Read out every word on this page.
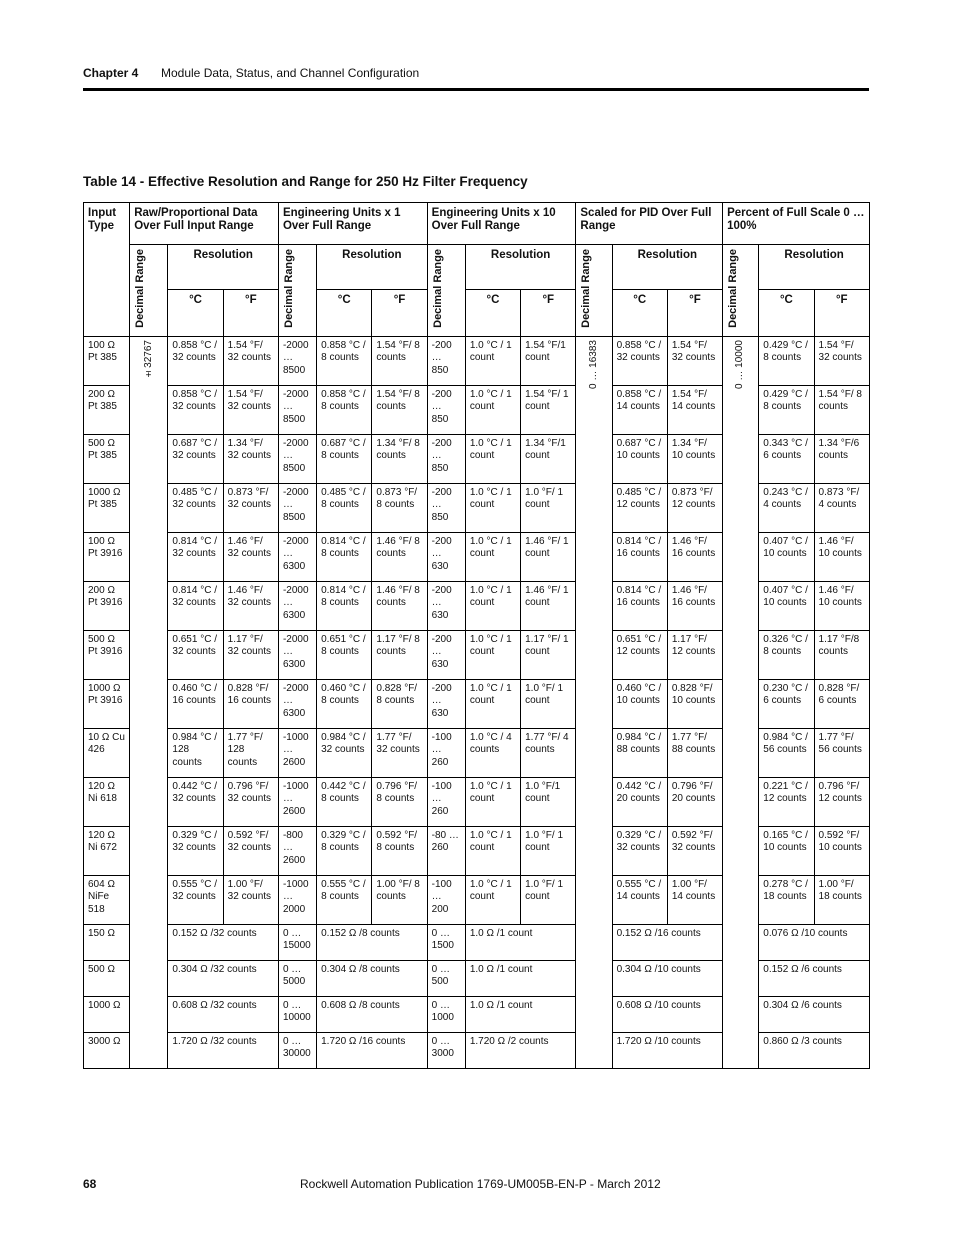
Chapter 4 Module Data, Status, and Channel Configuration
Table 14 - Effective Resolution and Range for 250 Hz Filter Frequency
Input Type	Raw/Proportional Data Over Full Input Range			Engineering Units x 1 Over Full Range			Engineering Units x 10 Over Full Range			Scaled for PID Over Full Range			Percent of Full Scale 0 … 100%		
	Decimal Range	Resolution		Decimal Range	Resolution		Decimal Range	Resolution		Decimal Range	Resolution		Decimal Range	Resolution	
		°C	°F		°C	°F		°C	°F		°C	°F		°C	°F
100 Ω Pt 385	±32767	0.858 °C / 32 counts	1.54 °F/ 32 counts	-2000 … 8500	0.858 °C / 8 counts	1.54 °F/ 8 counts	-200 … 850	1.0 °C / 1 count	1.54 °F/1 count	0 … 16383	0.858 °C / 32 counts	1.54 °F/ 32 counts	0 … 10000	0.429 °C / 8 counts	1.54 °F/ 32 counts
200 Ω Pt 385		0.858 °C / 32 counts	1.54 °F/ 32 counts	-2000 … 8500	0.858 °C / 8 counts	1.54 °F/ 8 counts	-200 … 850	1.0 °C / 1 count	1.54 °F/ 1 count		0.858 °C / 14 counts	1.54 °F/ 14 counts		0.429 °C / 8 counts	1.54 °F/ 8 counts
500 Ω Pt 385		0.687 °C / 32 counts	1.34 °F/ 32 counts	-2000 … 8500	0.687 °C / 8 counts	1.34 °F/ 8 counts	-200 … 850	1.0 °C / 1 count	1.34 °F/1 count		0.687 °C / 10 counts	1.34 °F/ 10 counts		0.343 °C / 6 counts	1.34 °F/6 counts
1000 Ω Pt 385		0.485 °C / 32 counts	0.873 °F/ 32 counts	-2000 … 8500	0.485 °C / 8 counts	0.873 °F/ 8 counts	-200 … 850	1.0 °C / 1 count	1.0 °F/ 1 count		0.485 °C / 12 counts	0.873 °F/ 12 counts		0.243 °C / 4 counts	0.873 °F/ 4 counts
100 Ω Pt 3916		0.814 °C / 32 counts	1.46 °F/ 32 counts	-2000 … 6300	0.814 °C / 8 counts	1.46 °F/ 8 counts	-200 … 630	1.0 °C / 1 count	1.46 °F/ 1 count		0.814 °C / 16 counts	1.46 °F/ 16 counts		0.407 °C / 10 counts	1.46 °F/ 10 counts
200 Ω Pt 3916		0.814 °C / 32 counts	1.46 °F/ 32 counts	-2000 … 6300	0.814 °C / 8 counts	1.46 °F/ 8 counts	-200 … 630	1.0 °C / 1 count	1.46 °F/ 1 count		0.814 °C / 16 counts	1.46 °F/ 16 counts		0.407 °C / 10 counts	1.46 °F/ 10 counts
500 Ω Pt 3916		0.651 °C / 32 counts	1.17 °F/ 32 counts	-2000 … 6300	0.651 °C / 8 counts	1.17 °F/ 8 counts	-200 … 630	1.0 °C / 1 count	1.17 °F/ 1 count		0.651 °C / 12 counts	1.17 °F/ 12 counts		0.326 °C / 8 counts	1.17 °F/8 counts
1000 Ω Pt 3916		0.460 °C / 16 counts	0.828 °F/ 16 counts	-2000 … 6300	0.460 °C / 8 counts	0.828 °F/ 8 counts	-200 … 630	1.0 °C / 1 count	1.0 °F/ 1 count		0.460 °C / 10 counts	0.828 °F/ 10 counts		0.230 °C / 6 counts	0.828 °F/ 6 counts
10 Ω Cu 426		0.984 °C / 128 counts	1.77 °F/ 128 counts	-1000 … 2600	0.984 °C / 32 counts	1.77 °F/ 32 counts	-100 … 260	1.0 °C / 4 counts	1.77 °F/ 4 counts		0.984 °C / 88 counts	1.77 °F/ 88 counts		0.984 °C / 56 counts	1.77 °F/ 56 counts
120 Ω Ni 618		0.442 °C / 32 counts	0.796 °F/ 32 counts	-1000 … 2600	0.442 °C / 8 counts	0.796 °F/ 8 counts	-100 … 260	1.0 °C / 1 count	1.0 °F/1 count		0.442 °C / 20 counts	0.796 °F/ 20 counts		0.221 °C / 12 counts	0.796 °F/ 12 counts
120 Ω Ni 672		0.329 °C / 32 counts	0.592 °F/ 32 counts	-800 … 2600	0.329 °C / 8 counts	0.592 °F/ 8 counts	-80 … 260	1.0 °C / 1 count	1.0 °F/ 1 count		0.329 °C / 32 counts	0.592 °F/ 32 counts		0.165 °C / 10 counts	0.592 °F/ 10 counts
604 Ω NiFe 518		0.555 °C / 32 counts	1.00 °F/ 32 counts	-1000 … 2000	0.555 °C / 8 counts	1.00 °F/ 8 counts	-100 … 200	1.0 °C / 1 count	1.0 °F/ 1 count		0.555 °C / 14 counts	1.00 °F/ 14 counts		0.278 °C / 18 counts	1.00 °F/ 18 counts
150 Ω		0.152 Ω /32 counts		0 … 15000	0.152 Ω /8 counts		0 … 1500	1.0 Ω /1 count			0.152 Ω /16 counts			0.076 Ω /10 counts	
500 Ω		0.304 Ω /32 counts		0 … 5000	0.304 Ω /8 counts		0 … 500	1.0 Ω /1 count			0.304 Ω /10 counts			0.152 Ω /6 counts	
1000 Ω		0.608 Ω /32 counts		0 … 10000	0.608 Ω /8 counts		0 … 1000	1.0 Ω /1 count			0.608 Ω /10 counts			0.304 Ω /6 counts	
3000 Ω		1.720 Ω /32 counts		0 … 30000	1.720 Ω /16 counts		0 … 3000	1.720 Ω /2 counts			1.720 Ω /10 counts			0.860 Ω /3 counts	
68	Rockwell Automation Publication 1769-UM005B-EN-P - March 2012
